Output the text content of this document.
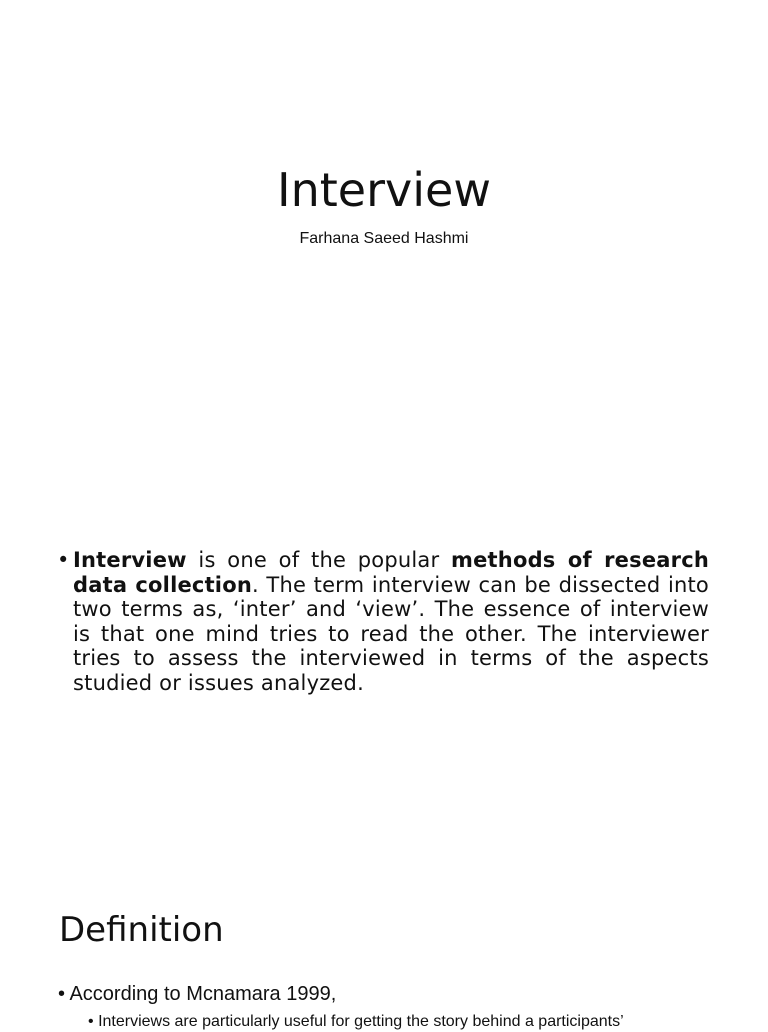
Interview

Farhana Saeed Hashmi

• Interview is one of the popular methods of research data collection. The term interview can be dissected into two terms as, ‘inter’ and ‘view’. The essence of interview is that one mind tries to read the other. The interviewer tries to assess the interviewed in terms of the aspects studied or issues analyzed.
Definition
• According to Mcnamara 1999,
• Interviews are particularly useful for getting the story behind a participants’
